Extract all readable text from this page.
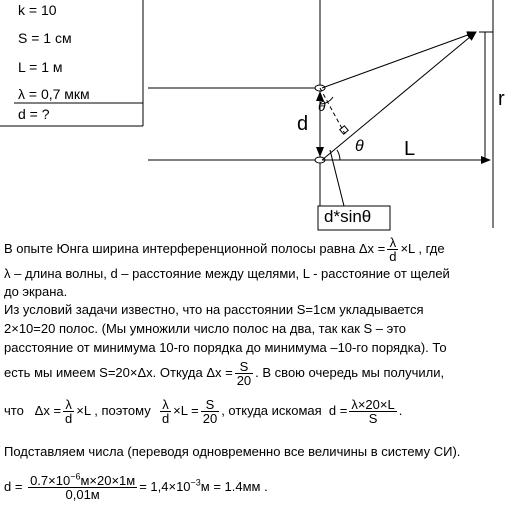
k = 10
S = 1 см
L = 1 м
λ = 0,7 мкм
d = ?	d
θ
θ L
r
d*sinθ
В опыте Юнга ширина интерференционной полосы равна $\Delta x = \frac{\lambda}{d} \times L$ , где
λ – длина волны, d – расстояние между щелями, L - расстояние от щелей
до экрана.
Из условий задачи известно, что на расстоянии S=1см укладывается
2×10=20 полос. (Мы умножили число полос на два, так как S – это
расстояние от минимума 10-го порядка до минимума –10-го порядка). То
есть мы имеем S=20×Δx. Откуда $\Delta x = \frac{S}{20}$ . В свою очередь мы получили,
что $\Delta x = \frac{\lambda}{d} \times L$ , поэтому $\frac{\lambda}{d} \times L = \frac{S}{20}$ , откуда искомая $d = \frac{\lambda\times 20\times L}{S}$ .
Подставляем числа (переводя одновременно все величины в систему СИ).
$d = \frac{0.7\times 10^{-6}м\times 20\times 1м}{0,01м} = 1,4\times 10^{-3}м = 1.4мм$ .
